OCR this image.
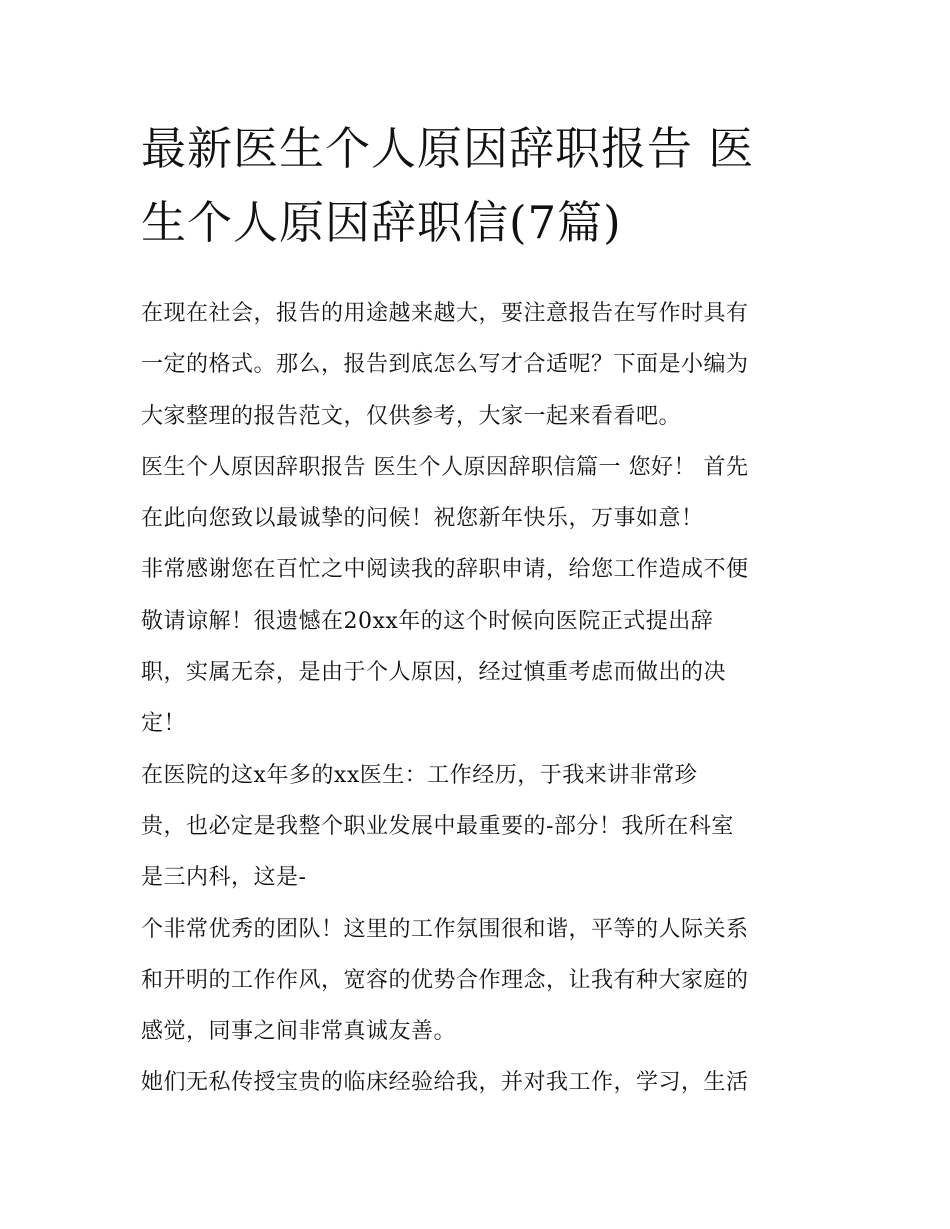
最新医生个人原因辞职报告 医
生个人原因辞职信(7篇)
在现在社会，报告的用途越来越大，要注意报告在写作时具有
一定的格式。那么，报告到底怎么写才合适呢？下面是小编为
大家整理的报告范文，仅供参考，大家一起来看看吧。
医生个人原因辞职报告 医生个人原因辞职信篇一 您好！ 首先
在此向您致以最诚挚的问候！祝您新年快乐，万事如意！
非常感谢您在百忙之中阅读我的辞职申请，给您工作造成不便
敬请谅解！很遗憾在20xx年的这个时候向医院正式提出辞
职，实属无奈，是由于个人原因，经过慎重考虑而做出的决
定！
在医院的这x年多的xx医生：工作经历，于我来讲非常珍
贵，也必定是我整个职业发展中最重要的-部分！我所在科室
是三内科，这是-
个非常优秀的团队！这里的工作氛围很和谐，平等的人际关系
和开明的工作作风，宽容的优势合作理念，让我有种大家庭的
感觉，同事之间非常真诚友善。
她们无私传授宝贵的临床经验给我，并对我工作，学习，生活
